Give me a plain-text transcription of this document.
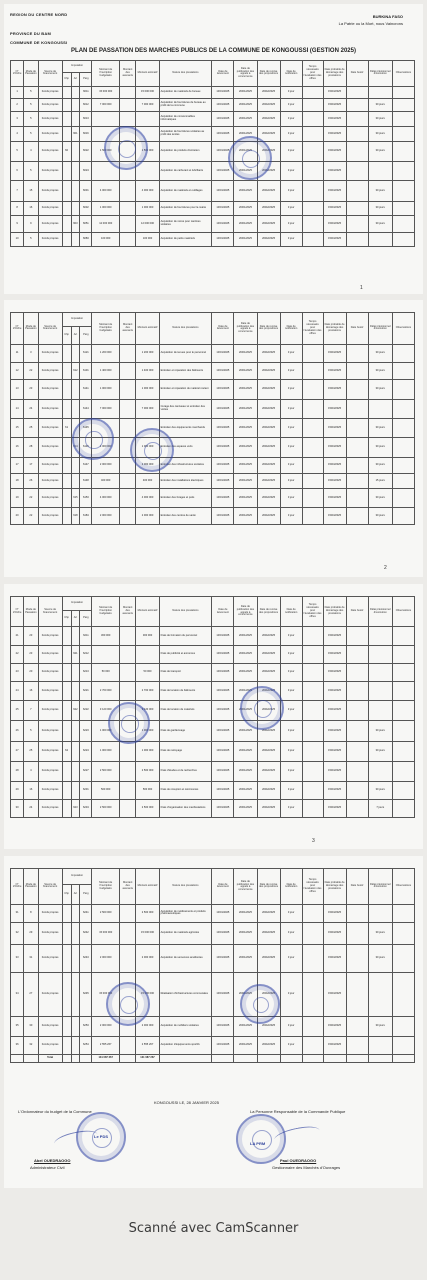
REGION DU CENTRE NORD
PROVINCE DU BAM
COMMUNE DE KONGOUSSI
BURKINA FASO
La Patrie ou la Mort, nous Vaincrons
PLAN DE PASSATION DES MARCHES PUBLICS DE LA COMMUNE DE KONGOUSSI (GESTION 2025)
N° d'Ordre	Mode de Passation	Source de financement	Imputation			Montant de l'inscription budgétaire	Montant des avenants	Montant estimatif	Nature des prestations	Date de lancement	Date de publication des appels à concurrence	Date de remise des propositions	Date de notification	Temps nécessaire pour l'évaluation des offres	Date probable de démarrage des prestations	Date butoir	Délai prévisionnel d'exécution	Observations
			Chp	Art	Parg													
1	5	Fonds propres			6011	15 000 000		15 000 000	Acquisition de matériels de bureau	13/01/2025	20/01/2025	20/02/2025	3 jour		15/03/2025			
2	5	Fonds propres			6012	7 000 000		7 000 000	Acquisition de fournitures de bureau au profit de la commune	13/01/2025	20/01/2025	20/02/2025	3 jour		15/03/2025		30 jours	
3	5	Fonds propres			6013				Acquisition de consommables informatiques	13/01/2025	20/01/2025	20/02/2025	3 jour		15/03/2025		30 jours	
4	5	Fonds propres		601	6016				Acquisition de fournitures scolaires au profit des écoles	13/01/2025	20/01/2025	20/02/2025	3 jour		15/03/2025		30 jours	
5	4	Fonds propres	60		6022	1 500 000		1 500 000	Acquisition de produits d'entretien	13/01/2025	20/01/2025	20/02/2025	3 jour		15/03/2025		30 jours	
6	5	Fonds propres			6024				Acquisition de carburant et lubrifiants	13/01/2025	20/01/2025	20/02/2025	3 jour		15/03/2025			
7	15	Fonds propres			6031	4 000 000		4 000 000	Acquisition de matériels et outillages	13/01/2025	20/01/2025	20/02/2025	3 jour		15/03/2025		30 jours	
8	16	Fonds propres			6032	1 000 000		1 000 000	Acquisition de fournitures pour la mairie	13/01/2025	20/01/2025	20/02/2025	3 jour		15/03/2025		30 jours	
9	9	Fonds propres		603	6051	12 000 000		12 000 000	Acquisition de vivres pour cantines scolaires	13/01/2025	20/01/2025	20/02/2025	3 jour		15/03/2025		30 jours	
10	5	Fonds propres			6083	100 000		100 000	Acquisition de petits matériels	13/01/2025	20/01/2025	20/02/2025	3 jour		15/03/2025			
1
N° d'Ordre	Mode de Passation	Source de financement	Imputation			Montant de l'inscription budgétaire	Montant des avenants	Montant estimatif	Nature des prestations	Date de lancement	Date de publication des appels à concurrence	Date de remise des propositions	Date de notification	Temps nécessaire pour l'évaluation des offres	Date probable de démarrage des prestations	Date butoir	Délai prévisionnel d'exécution	Observations
			Chp	Art	Parg													
11	3	Fonds propres			6121	1 200 000		1 200 000	Acquisition de tenues pour le personnel	13/01/2025	20/01/2025	20/02/2025	3 jour		15/03/2025		30 jours	
12	22	Fonds propres		612	6131	1 400 000		1 400 000	Entretien et réparation des bâtiments	13/01/2025	20/01/2025	20/02/2025	3 jour		15/03/2025		30 jours	
13	23	Fonds propres			6141	1 000 000		1 000 000	Entretien et réparation du matériel roulant	13/01/2025	20/01/2025	20/02/2025	3 jour		15/03/2025		30 jours	
14	24	Fonds propres			6144	7 000 000		7 000 000	Curage des caniveaux et entretien des voiries	13/01/2025	20/01/2025	20/02/2025	3 jour		15/03/2025			
15	25	Fonds propres	61		6145				Entretien des équipements marchands	13/01/2025	20/01/2025	20/02/2025	3 jour		15/03/2025		30 jours	
16	28	Fonds propres		614	6146	1 000 000		1 000 000	Entretien des espaces verts	13/01/2025	20/01/2025	20/02/2025	3 jour		15/03/2025		30 jours	
17	17	Fonds propres			6147	2 000 000		2 000 000	Entretien des infrastructures scolaires	13/01/2025	20/01/2025	20/02/2025	3 jour		15/03/2025		30 jours	
18	26	Fonds propres			6148	400 000		400 000	Entretien des installations électriques	13/01/2025	20/01/2025	20/02/2025	3 jour		15/03/2025		15 jours	
19	22	Fonds propres		615	6153	4 000 000		4 000 000	Entretien des forages et puits	13/01/2025	20/01/2025	20/02/2025	3 jour		15/03/2025		30 jours	
20	22	Fonds propres		618	6184	2 000 000		2 000 000	Entretien des centres de santé	13/01/2025	20/01/2025	20/02/2025	3 jour		15/03/2025		30 jours	
2
N° d'Ordre	Mode de Passation	Source de financement	Imputation			Montant de l'inscription budgétaire	Montant des avenants	Montant estimatif	Nature des prestations	Date de lancement	Date de publication des appels à concurrence	Date de remise des propositions	Date de notification	Temps nécessaire pour l'évaluation des offres	Date probable de démarrage des prestations	Date butoir	Délai prévisionnel d'exécution	Observations
			Chp	Art	Parg													
21	23	Fonds propres			6211	300 000		300 000	Frais de formation du personnel	13/01/2025	20/01/2025	20/02/2025	3 jour		15/03/2025			
22	23	Fonds propres		621	6212				Frais de publicité et annonces	13/01/2025	20/01/2025	20/02/2025	3 jour		15/03/2025			
23	20	Fonds propres			6213	50 000		50 000	Frais de transport	13/01/2025	20/01/2025	20/02/2025	3 jour		15/03/2025			
24	16	Fonds propres			6221	2 700 000		2 700 000	Frais de location de bâtiments	13/01/2025	20/01/2025	20/02/2025	3 jour		15/03/2025			
25	7	Fonds propres		622	6222	3 120 000		3 120 000	Frais de location de matériels	13/01/2025	20/01/2025	20/02/2025	3 jour		15/03/2025			
26	5	Fonds propres			6223	1 000 000		1 000 000	Frais de gardiennage	13/01/2025	20/01/2025	20/02/2025	3 jour		15/03/2025		30 jours	
27	25	Fonds propres	62		6224	1 000 000		1 000 000	Frais de nettoyage	13/01/2025	20/01/2025	20/02/2025	3 jour		15/03/2025		30 jours	
28	4	Fonds propres			6227	2 500 000		2 500 000	Frais d'études et de recherches	13/01/2025	20/01/2025	20/02/2025	3 jour		15/03/2025			
29	16	Fonds propres			6231	500 000		500 000	Frais de réception et cérémonies	13/01/2025	20/01/2025	20/02/2025	3 jour		15/03/2025		30 jours	
30	24	Fonds propres		623	6234	2 500 000		2 500 000	Frais d'organisation des manifestations	13/01/2025	20/01/2025	20/02/2025	3 jour		15/03/2025		7 jours	
3
N° d'Ordre	Mode de Passation	Source de financement	Imputation			Montant de l'inscription budgétaire	Montant des avenants	Montant estimatif	Nature des prestations	Date de lancement	Date de publication des appels à concurrence	Date de remise des propositions	Date de notification	Temps nécessaire pour l'évaluation des offres	Date probable de démarrage des prestations	Date butoir	Délai prévisionnel d'exécution	Observations
			Chp	Art	Parg													
31	8	Fonds propres			6241	2 500 000		2 500 000	Acquisition de médicaments et produits pharmaceutiques	13/01/2025	20/01/2025	20/02/2025	3 jour		15/03/2025			
32	29	Fonds propres			6242	15 000 000		15 000 000	Acquisition de matériels agricoles	13/01/2025	20/01/2025	20/02/2025	3 jour		15/03/2025		30 jours	
33	31	Fonds propres			6243	2 000 000		2 000 000	Acquisition de semences améliorées	13/01/2025	20/01/2025	20/02/2025	3 jour		15/03/2025		30 jours	
34	27	Fonds propres			6245	15 000 000		15 000 000	Réalisation d'infrastructures communales	13/01/2025	20/01/2025	20/02/2025	3 jour		15/03/2025			
35	30	Fonds propres			6253	2 000 000		2 000 000	Acquisition de mobiliers scolaires	13/01/2025	20/01/2025	20/02/2025	3 jour		15/03/2025		30 jours	
36	32	Fonds propres			6254	2 555 267		2 555 267	Acquisition d'équipements sportifs	13/01/2025	20/01/2025	20/02/2025	3 jour		15/03/2025			
		Total				131 087 267		131 087 267										
KONGOUSSI LE, 28 JANVIER 2025
L'Ordonnateur du budget de la Commune
Le PDS
Abel OUEDRAOGO
Administrateur Civil
La Personne Responsable de la Commande Publique
LA PRM
Paul OUEDRAOGO
Gestionnaire des Marchés d'Ouvrages
Scanné avec CamScanner
